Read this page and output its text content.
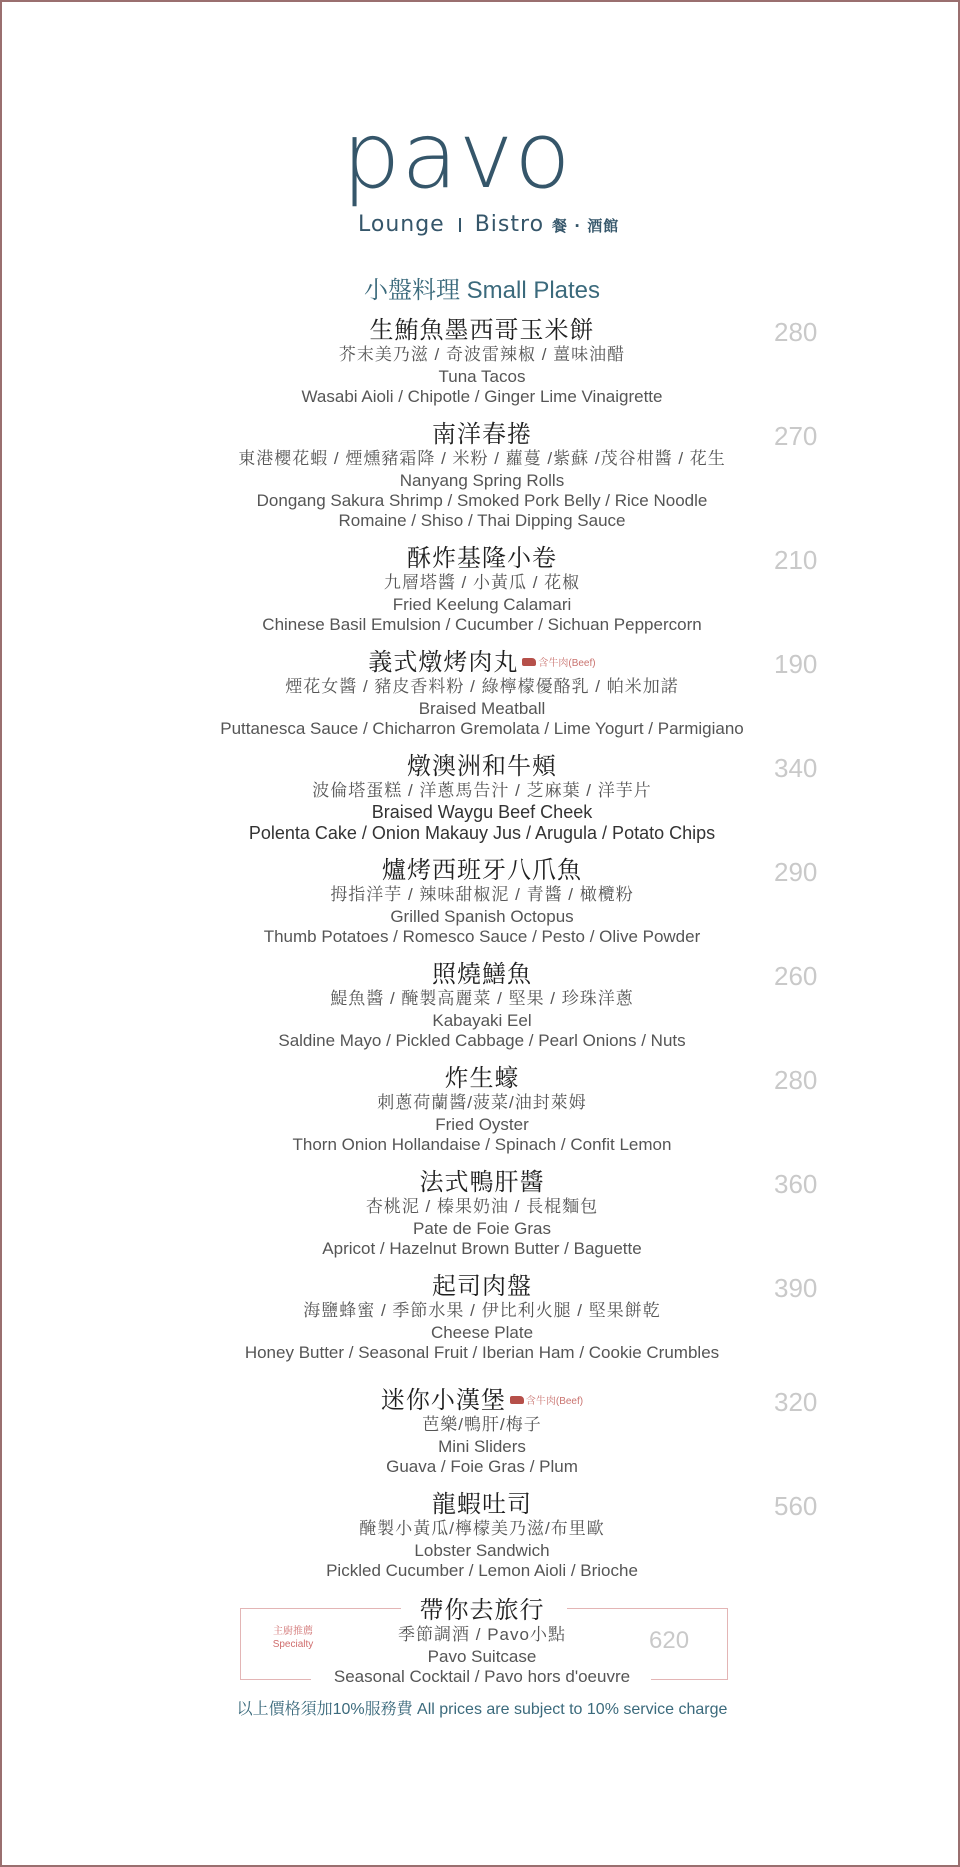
pavo
Lounge Bistro 餐 · 酒館
小盤料理 Small Plates
生鮪魚墨西哥玉米餅
芥末美乃滋 / 奇波雷辣椒 / 薑味油醋
Tuna Tacos
Wasabi Aioli / Chipotle / Ginger Lime Vinaigrette
280
南洋春捲
東港櫻花蝦 / 煙燻豬霜降 / 米粉 / 蘿蔓 /紫蘇 /茂谷柑醬 / 花生
Nanyang Spring Rolls
Dongang Sakura Shrimp / Smoked Pork Belly / Rice Noodle
Romaine / Shiso / Thai Dipping Sauce
270
酥炸基隆小卷
九層塔醬 / 小黃瓜 / 花椒
Fried Keelung Calamari
Chinese Basil Emulsion / Cucumber / Sichuan Peppercorn
210
義式燉烤肉丸 含牛肉(Beef)
煙花女醬 / 豬皮香料粉 / 綠檸檬優酪乳 / 帕米加諾
Braised Meatball
Puttanesca Sauce / Chicharron Gremolata / Lime Yogurt / Parmigiano
190
燉澳洲和牛頰
波倫塔蛋糕 / 洋蔥馬告汁 / 芝麻葉 / 洋芋片
Braised Waygu Beef Cheek
Polenta Cake / Onion Makauy Jus / Arugula / Potato Chips
340
爐烤西班牙八爪魚
拇指洋芋 / 辣味甜椒泥 / 青醬 / 橄欖粉
Grilled Spanish Octopus
Thumb Potatoes / Romesco Sauce / Pesto / Olive Powder
290
照燒鱔魚
鯷魚醬 / 醃製高麗菜 / 堅果 / 珍珠洋蔥
Kabayaki Eel
Saldine Mayo / Pickled Cabbage / Pearl Onions / Nuts
260
炸生蠔
刺蔥荷蘭醬/菠菜/油封萊姆
Fried Oyster
Thorn Onion Hollandaise / Spinach / Confit Lemon
280
法式鴨肝醬
杏桃泥 / 榛果奶油 / 長棍麵包
Pate de Foie Gras
Apricot / Hazelnut Brown Butter / Baguette
360
起司肉盤
海鹽蜂蜜 / 季節水果 / 伊比利火腿 / 堅果餅乾
Cheese Plate
Honey Butter / Seasonal Fruit / Iberian Ham / Cookie Crumbles
390
迷你小漢堡 含牛肉(Beef)
芭樂/鴨肝/梅子
Mini Sliders
Guava / Foie Gras / Plum
320
龍蝦吐司
醃製小黃瓜/檸檬美乃滋/布里歐
Lobster Sandwich
Pickled Cucumber / Lemon Aioli / Brioche
560
主廚推薦
Specialty	620
帶你去旅行
季節調酒 / Pavo小點
Pavo Suitcase
Seasonal Cocktail / Pavo hors d'oeuvre
以上價格須加10%服務費 All prices are subject to 10% service charge
